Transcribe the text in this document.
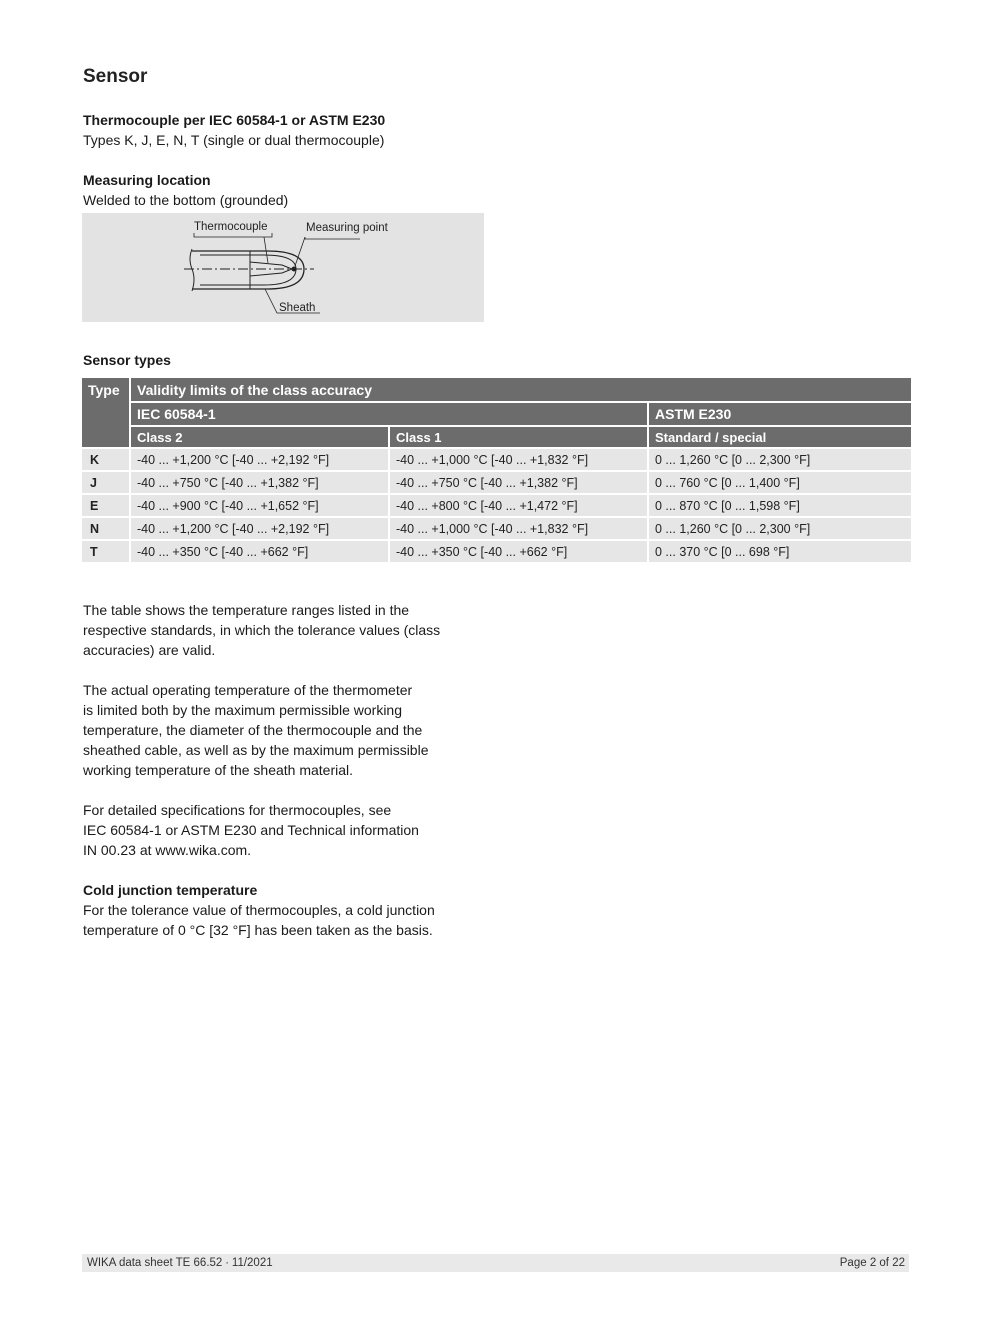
Sensor
Thermocouple per IEC 60584-1 or ASTM E230
Types K, J, E, N, T (single or dual thermocouple)
Measuring location
Welded to the bottom (grounded)
Thermocouple	Measuring point
Sheath
Sensor types
Type	Validity limits of the class accuracy		
	IEC 60584-1		ASTM E230
	Class 2	Class 1	Standard / special
K	-40 ... +1,200 °C [-40 ... +2,192 °F]	-40 ... +1,000 °C [-40 ... +1,832 °F]	0 ... 1,260 °C [0 ... 2,300 °F]
J	-40 ... +750 °C [-40 ... +1,382 °F]	-40 ... +750 °C [-40 ... +1,382 °F]	0 ... 760 °C [0 ... 1,400 °F]
E	-40 ... +900 °C [-40 ... +1,652 °F]	-40 ... +800 °C [-40 ... +1,472 °F]	0 ... 870 °C [0 ... 1,598 °F]
N	-40 ... +1,200 °C [-40 ... +2,192 °F]	-40 ... +1,000 °C [-40 ... +1,832 °F]	0 ... 1,260 °C [0 ... 2,300 °F]
T	-40 ... +350 °C [-40 ... +662 °F]	-40 ... +350 °C [-40 ... +662 °F]	0 ... 370 °C [0 ... 698 °F]
The table shows the temperature ranges listed in the
respective standards, in which the tolerance values (class
accuracies) are valid.
The actual operating temperature of the thermometer
is limited both by the maximum permissible working
temperature, the diameter of the thermocouple and the
sheathed cable, as well as by the maximum permissible
working temperature of the sheath material.
For detailed specifications for thermocouples, see
IEC 60584-1 or ASTM E230 and Technical information
IN 00.23 at www.wika.com.
Cold junction temperature
For the tolerance value of thermocouples, a cold junction
temperature of 0 °C [32 °F] has been taken as the basis.
WIKA data sheet TE 66.52 ∙ 11/2021	Page 2 of 22
